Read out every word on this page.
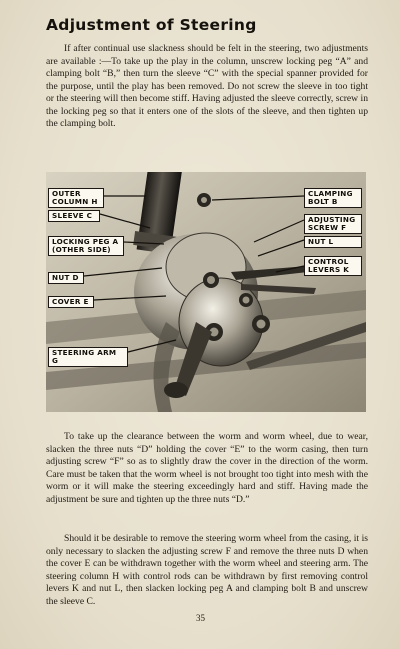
Adjustment of Steering

If after continual use slackness should be felt in the steering, two adjustments are available :—To take up the play in the column, unscrew locking peg “A” and clamping bolt “B,” then turn the sleeve “C” with the special spanner provided for the purpose, until the play has been removed. Do not screw the sleeve in too tight or the steering will then become stiff. Having adjusted the sleeve correctly, screw in the locking peg so that it enters one of the slots of the sleeve, and then tighten up the clamping bolt.

OUTER
COLUMN H
SLEEVE C
LOCKING PEG A
(OTHER SIDE)
NUT D
COVER E
STEERING ARM G
CLAMPING
BOLT B
ADJUSTING
SCREW F
NUT L
CONTROL
LEVERS K

To take up the clearance between the worm and worm wheel, due to wear, slacken the three nuts “D” holding the cover “E” to the worm casing, then turn adjusting screw “F” so as to slightly draw the cover in the direction of the worm. Care must be taken that the worm wheel is not brought too tight into mesh with the worm or it will make the steering exceedingly hard and stiff. Having made the adjustment be sure and tighten up the three nuts “D.”

Should it be desirable to remove the steering worm wheel from the casing, it is only necessary to slacken the adjusting screw F and remove the three nuts D when the cover E can be withdrawn together with the worm wheel and steering arm. The steering column H with control rods can be withdrawn by first removing control levers K and nut L, then slacken locking peg A and clamping bolt B and unscrew the sleeve C.

35
